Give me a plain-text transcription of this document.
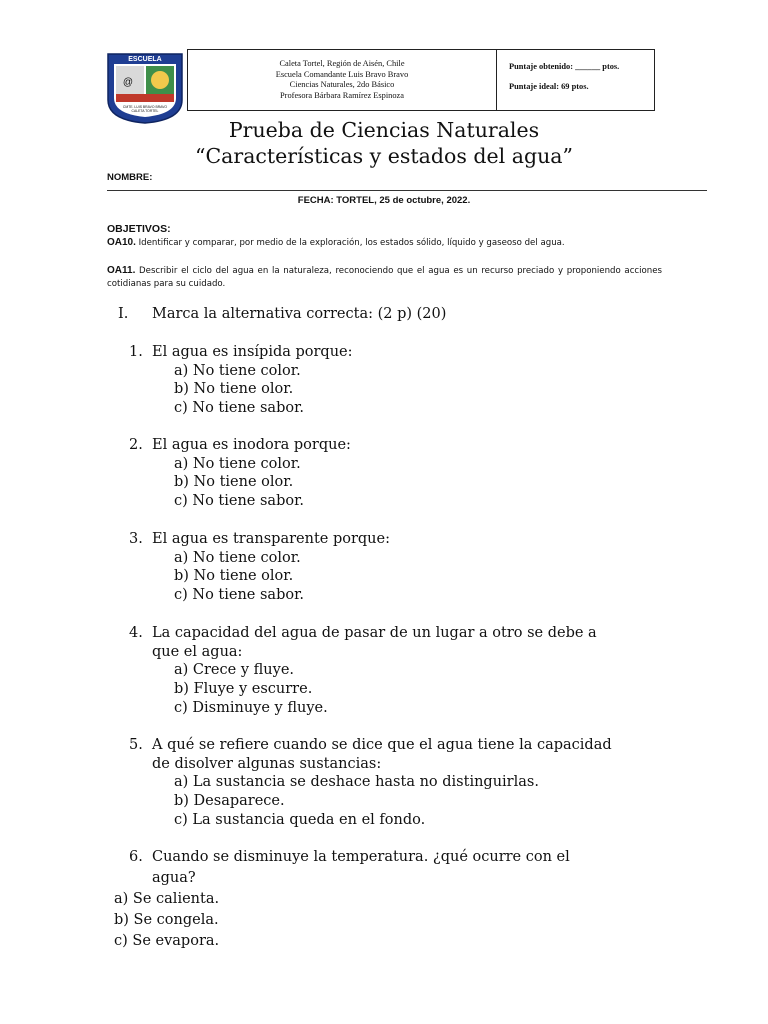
ESCUELA
@
CMTE. LUIS BRAVO BRAVO
CALETA TORTEL
Caleta Tortel, Región de Aisén, Chile
Escuela Comandante Luis Bravo Bravo
Ciencias Naturales, 2do Básico
Profesora Bárbara Ramírez Espinoza
Puntaje obtenido: ______ ptos.
Puntaje ideal: 69 ptos.
Prueba de Ciencias Naturales
“Características y estados del agua”
NOMBRE:
FECHA: TORTEL, 25 de octubre, 2022.
OBJETIVOS:
OA10. Identificar y comparar, por medio de la exploración, los estados sólido, líquido y gaseoso del agua.
OA11. Describir el ciclo del agua en la naturaleza, reconociendo que el agua es un recurso preciado y proponiendo acciones cotidianas para su cuidado.
I. Marca la alternativa correcta: (2 p) (20)
1. El agua es insípida porque:
a) No tiene color.
b) No tiene olor.
c) No tiene sabor.
2. El agua es inodora porque:
a) No tiene color.
b) No tiene olor.
c) No tiene sabor.
3. El agua es transparente porque:
a) No tiene color.
b) No tiene olor.
c) No tiene sabor.
4. La capacidad del agua de pasar de un lugar a otro se debe a
que el agua:
a) Crece y fluye.
b) Fluye y escurre.
c) Disminuye y fluye.
5. A qué se refiere cuando se dice que el agua tiene la capacidad
de disolver algunas sustancias:
a) La sustancia se deshace hasta no distinguirlas.
b) Desaparece.
c) La sustancia queda en el fondo.
6. Cuando se disminuye la temperatura. ¿qué ocurre con el
agua?
a) Se calienta.
b) Se congela.
c) Se evapora.
